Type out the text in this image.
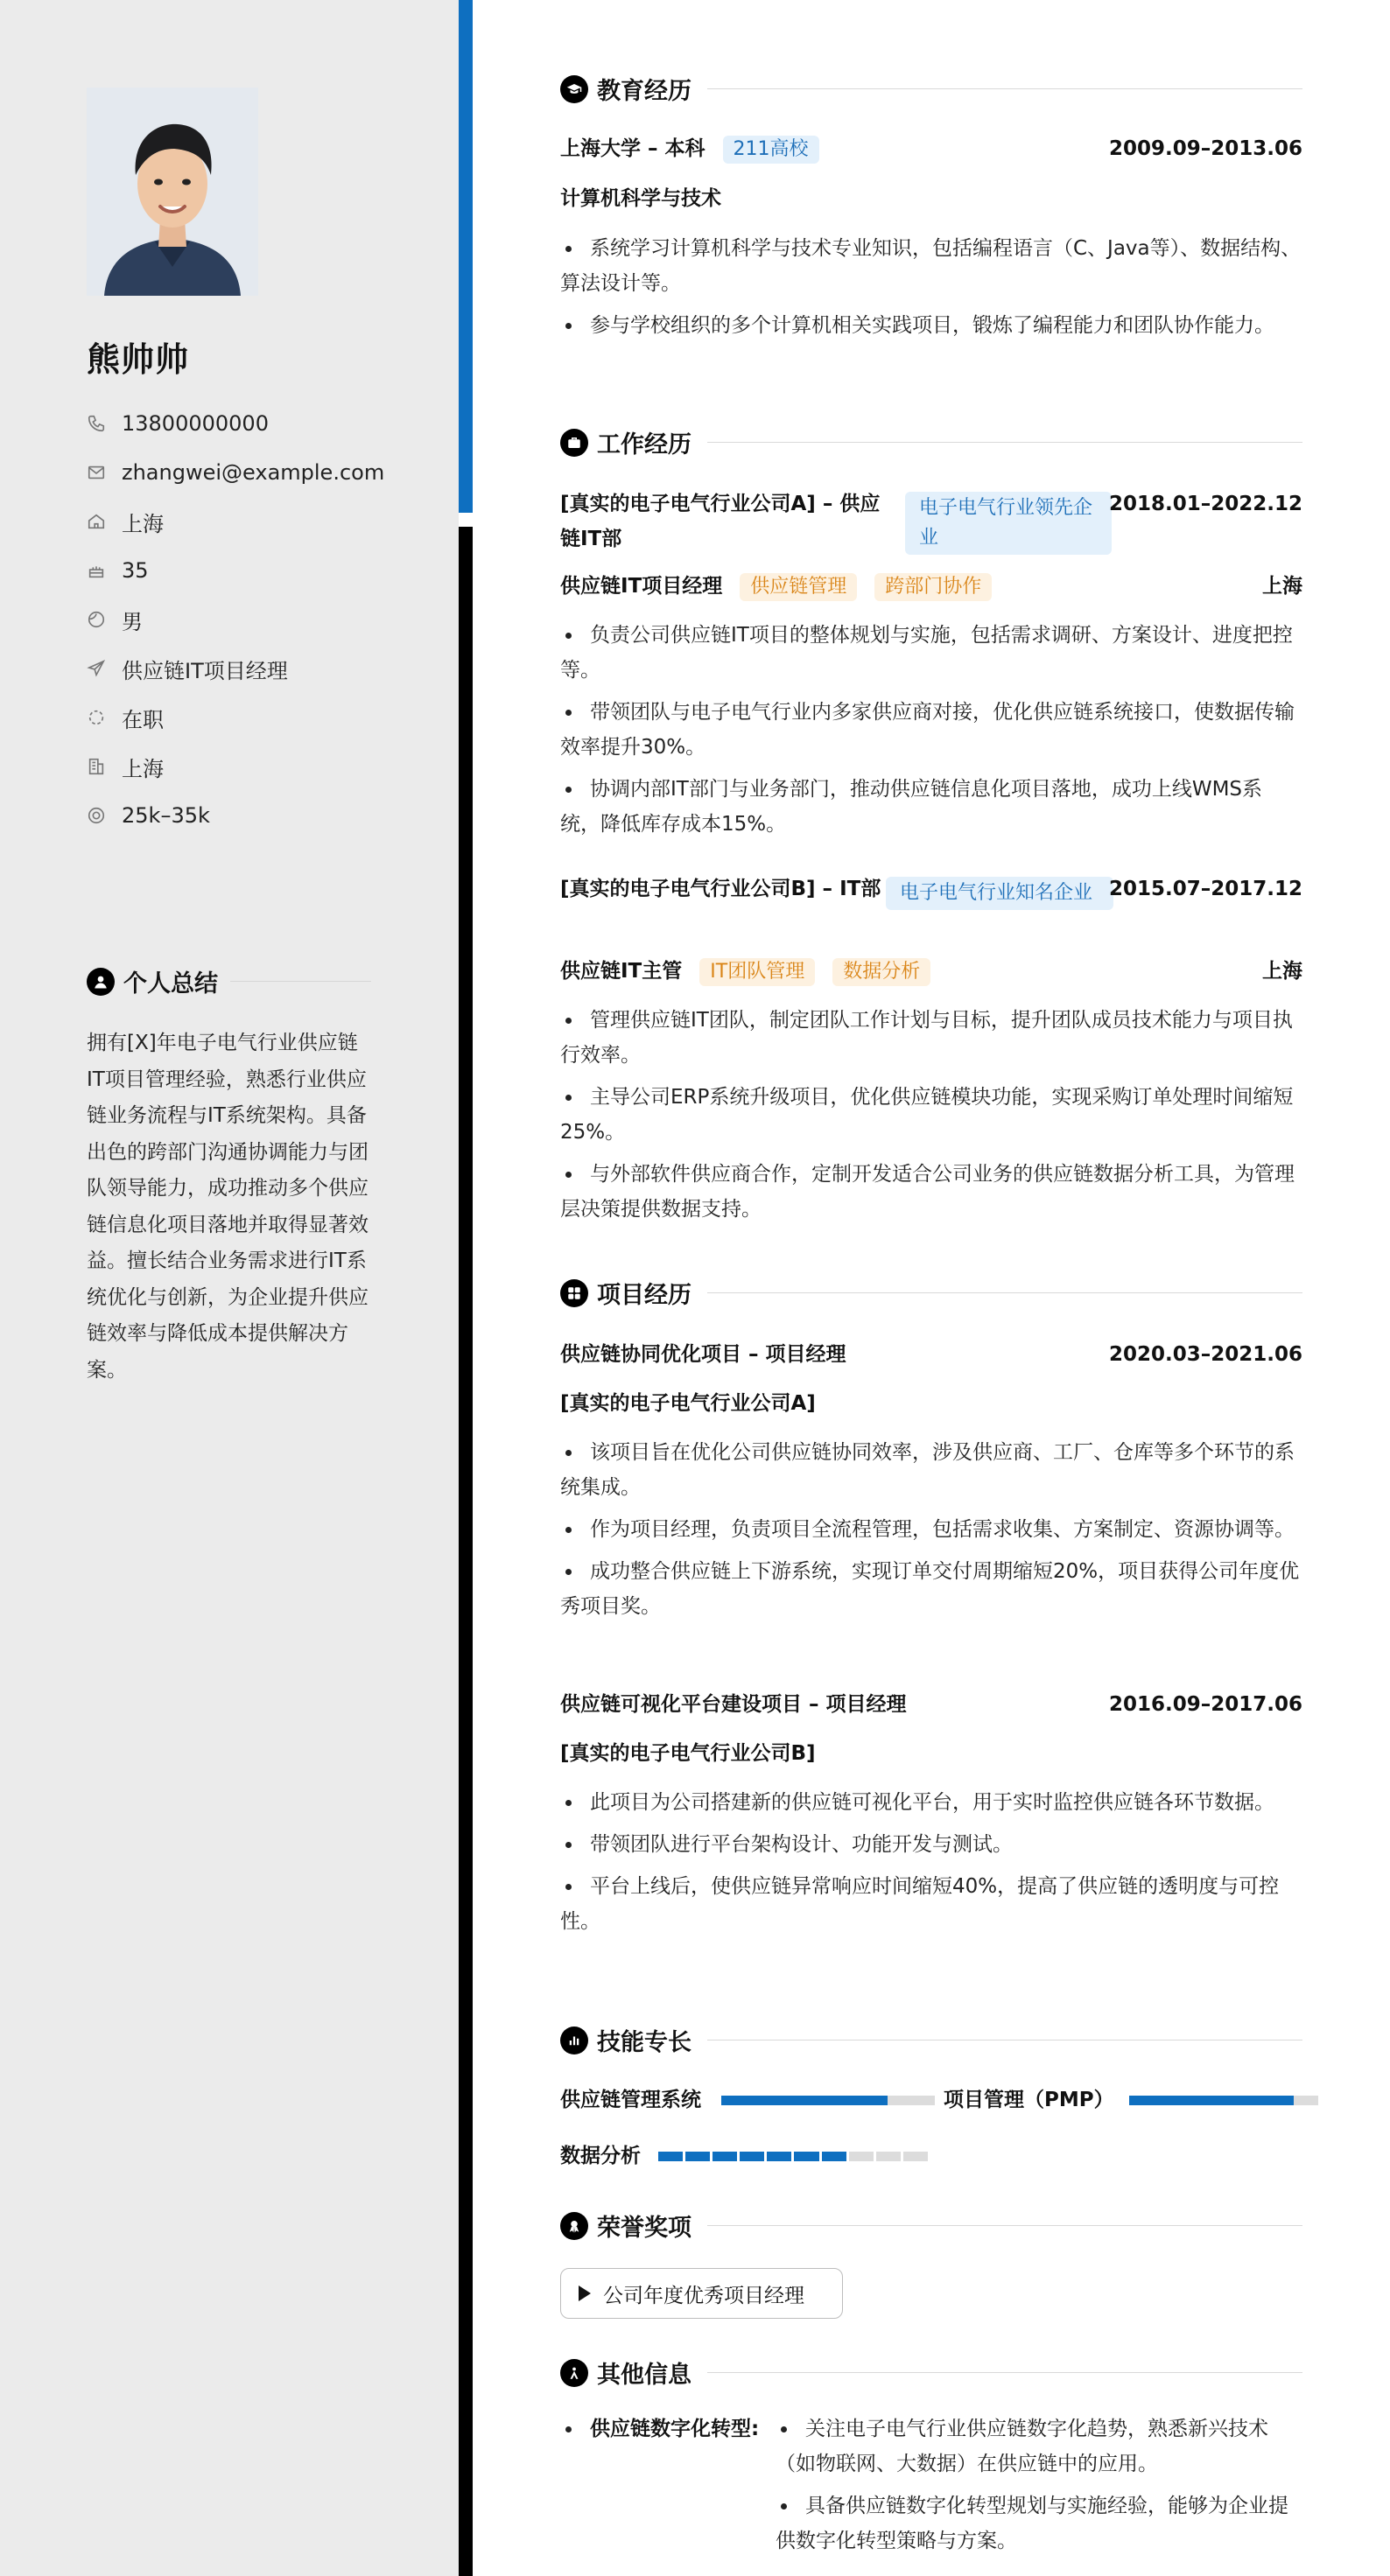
熊帅帅
13800000000
zhangwei@example.com
上海
35
男
供应链IT项目经理
在职
上海
25k–35k
个人总结
拥有[X]年电子电气行业供应链IT项目管理经验，熟悉行业供应链业务流程与IT系统架构。具备出色的跨部门沟通协调能力与团队领导能力，成功推动多个供应链信息化项目落地并取得显著效益。擅长结合业务需求进行IT系统优化与创新，为企业提升供应链效率与降低成本提供解决方案。
教育经历
上海大学 – 本科 211高校	2009.09–2013.06
计算机科学与技术
系统学习计算机科学与技术专业知识，包括编程语言（C、Java等）、数据结构、算法设计等。
参与学校组织的多个计算机相关实践项目，锻炼了编程能力和团队协作能力。
工作经历
[真实的电子电气行业公司A] – 供应链IT部
电子电气行业领先企业
2018.01–2022.12
供应链IT项目经理 供应链管理 跨部门协作	上海
负责公司供应链IT项目的整体规划与实施，包括需求调研、方案设计、进度把控等。
带领团队与电子电气行业内多家供应商对接，优化供应链系统接口，使数据传输效率提升30%。
协调内部IT部门与业务部门，推动供应链信息化项目落地，成功上线WMS系统，降低库存成本15%。
[真实的电子电气行业公司B] – IT部 电子电气行业知名企业 2015.07–2017.12
供应链IT主管 IT团队管理 数据分析	上海
管理供应链IT团队，制定团队工作计划与目标，提升团队成员技术能力与项目执行效率。
主导公司ERP系统升级项目，优化供应链模块功能，实现采购订单处理时间缩短25%。
与外部软件供应商合作，定制开发适合公司业务的供应链数据分析工具，为管理层决策提供数据支持。
项目经历
供应链协同优化项目 – 项目经理	2020.03–2021.06
[真实的电子电气行业公司A]
该项目旨在优化公司供应链协同效率，涉及供应商、工厂、仓库等多个环节的系统集成。
作为项目经理，负责项目全流程管理，包括需求收集、方案制定、资源协调等。
成功整合供应链上下游系统，实现订单交付周期缩短20%，项目获得公司年度优秀项目奖。
供应链可视化平台建设项目 – 项目经理	2016.09–2017.06
[真实的电子电气行业公司B]
此项目为公司搭建新的供应链可视化平台，用于实时监控供应链各环节数据。
带领团队进行平台架构设计、功能开发与测试。
平台上线后，使供应链异常响应时间缩短40%，提高了供应链的透明度与可控性。
技能专长
供应链管理系统	项目管理（PMP）
数据分析
荣誉奖项
公司年度优秀项目经理
其他信息
供应链数字化转型:	关注电子电气行业供应链数字化趋势，熟悉新兴技术（如物联网、大数据）在供应链中的应用。
具备供应链数字化转型规划与实施经验，能够为企业提供数字化转型策略与方案。
